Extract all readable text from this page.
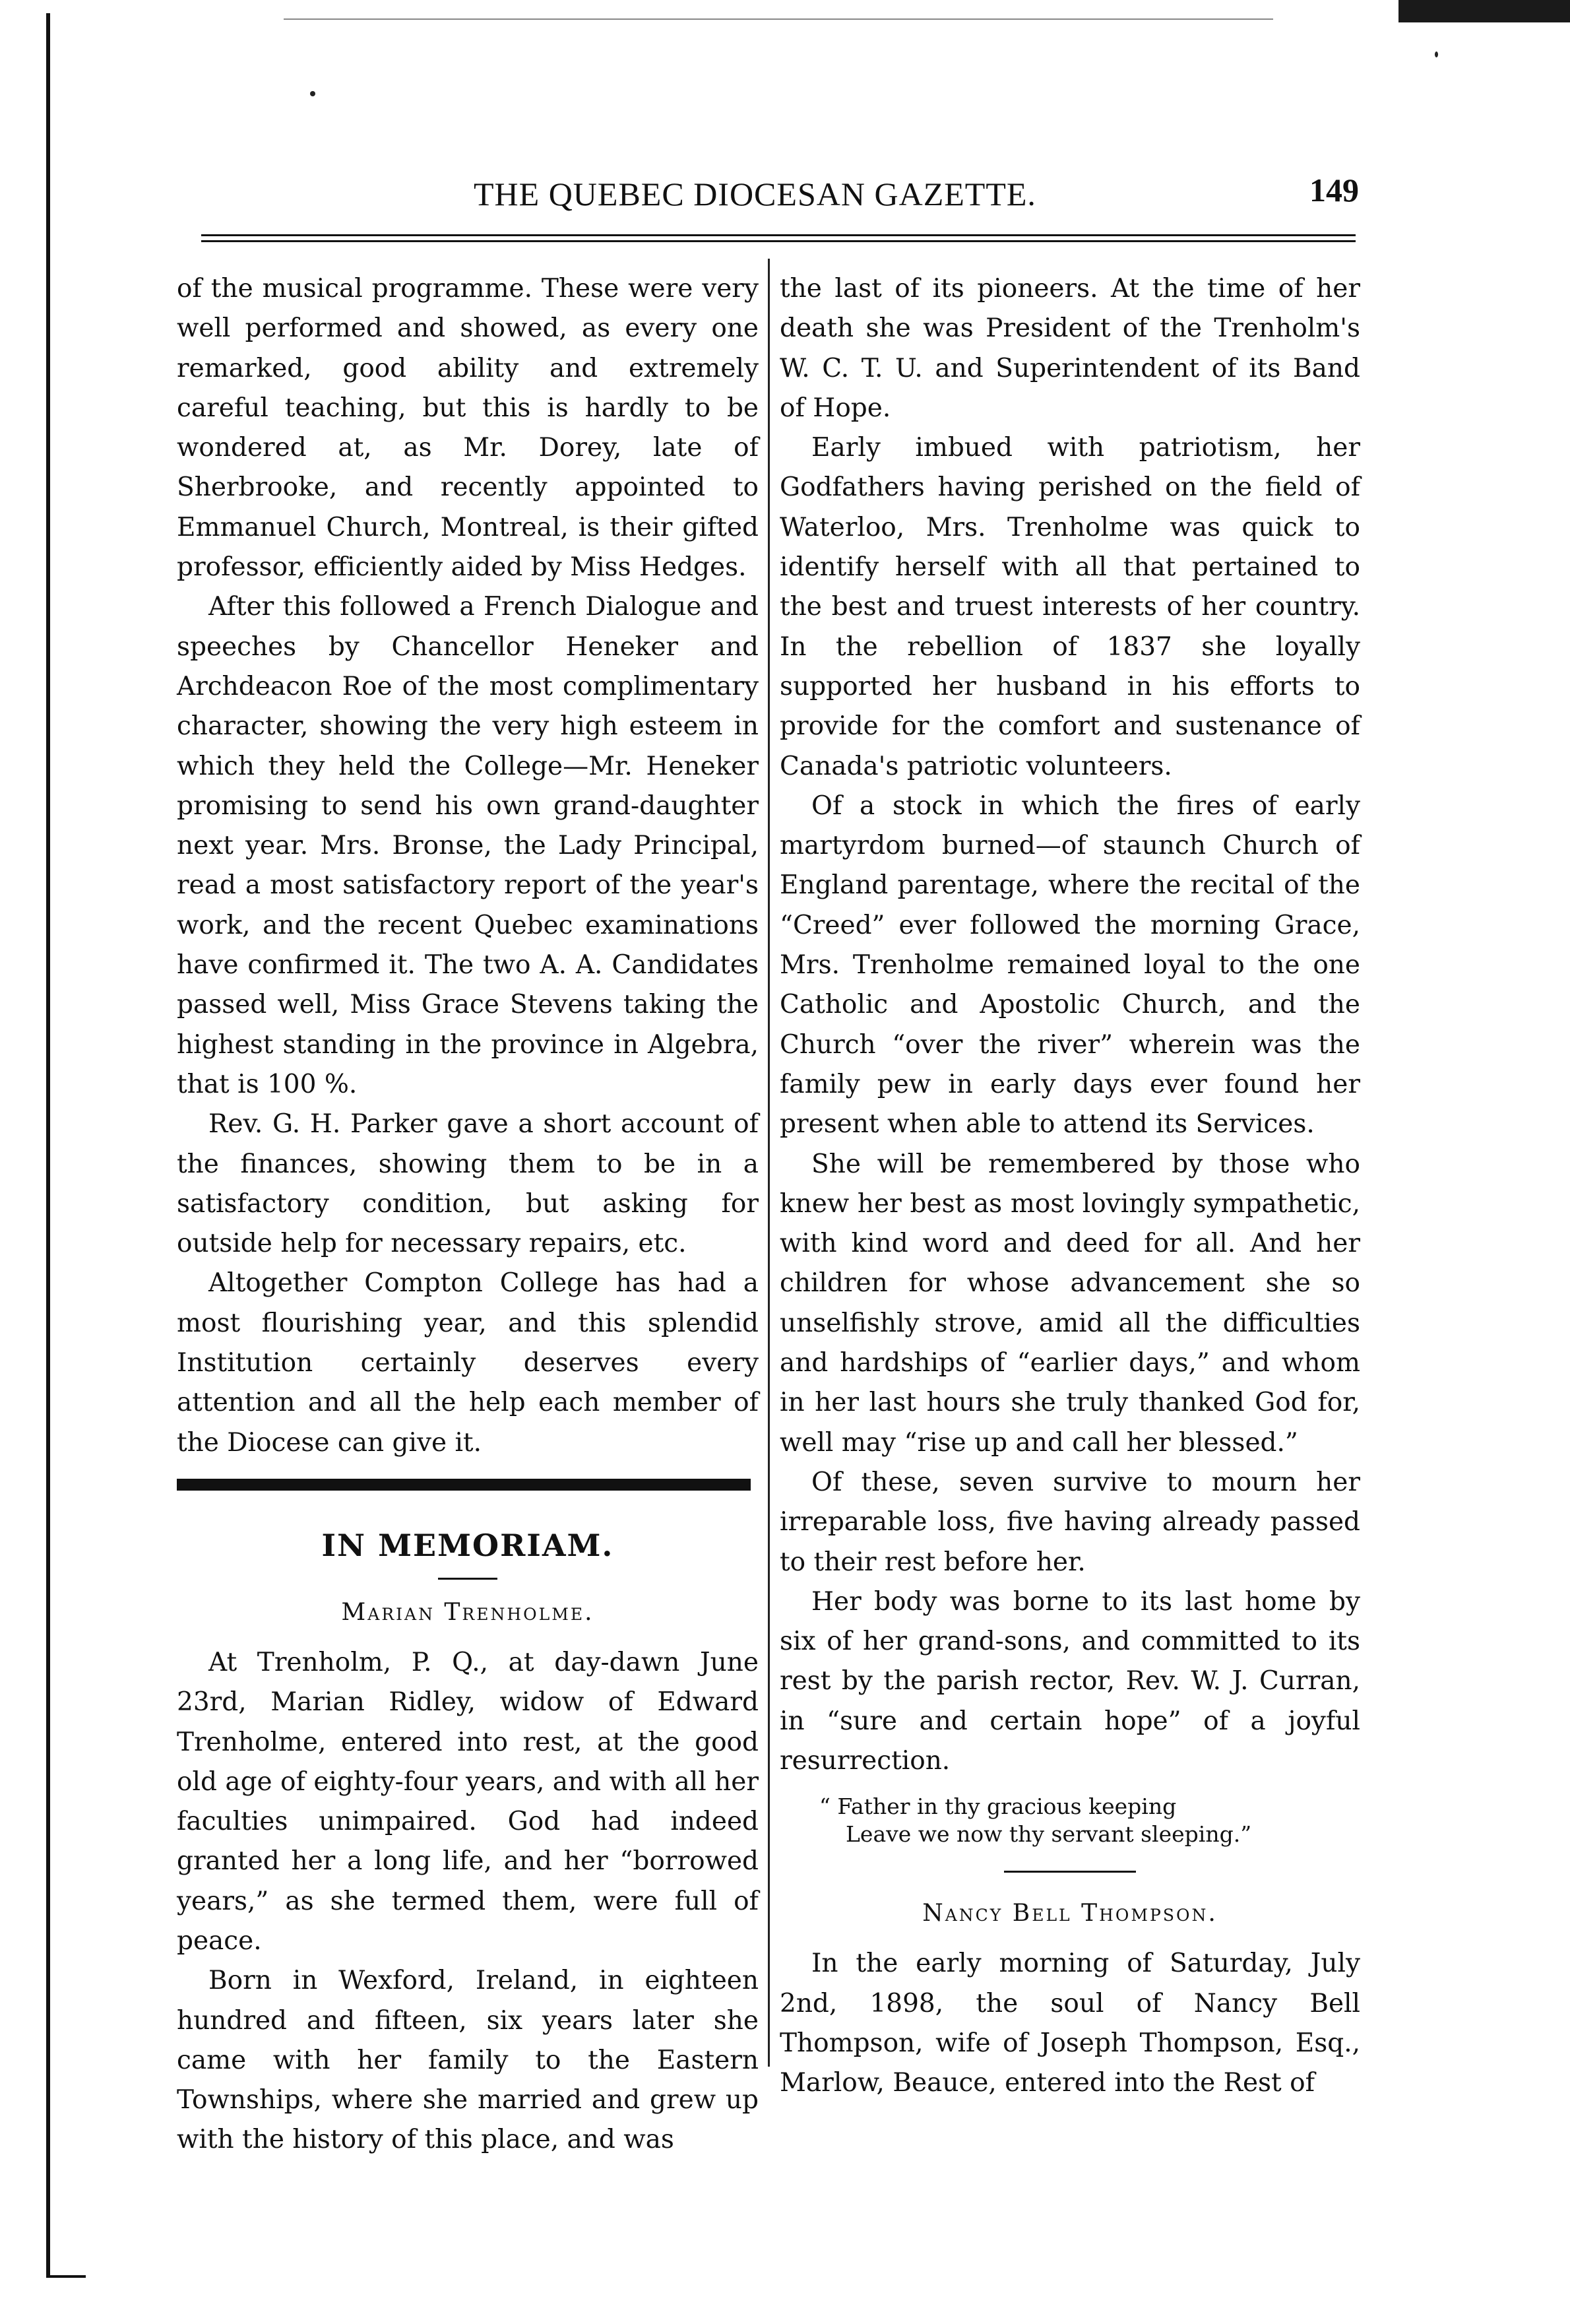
THE QUEBEC DIOCESAN GAZETTE.	149

of the musical programme. These were very well performed and showed, as every one remarked, good ability and extremely careful teaching, but this is hardly to be wondered at, as Mr. Dorey, late of Sherbrooke, and recently appointed to Emmanuel Church, Montreal, is their gifted professor, efficiently aided by Miss Hedges.

After this followed a French Dialogue and speeches by Chancellor Heneker and Archdeacon Roe of the most complimentary character, showing the very high esteem in which they held the College—Mr. Heneker promising to send his own grand-daughter next year. Mrs. Bronse, the Lady Principal, read a most satisfactory report of the year's work, and the recent Quebec examinations have confirmed it. The two A. A. Candidates passed well, Miss Grace Stevens taking the highest standing in the province in Algebra, that is 100 %.

Rev. G. H. Parker gave a short account of the finances, showing them to be in a satisfactory condition, but asking for outside help for necessary repairs, etc.

Altogether Compton College has had a most flourishing year, and this splendid Institution certainly deserves every attention and all the help each member of the Diocese can give it.

IN MEMORIAM.
Marian Trenholme.

At Trenholm, P. Q., at day-dawn June 23rd, Marian Ridley, widow of Edward Trenholme, entered into rest, at the good old age of eighty-four years, and with all her faculties unimpaired. God had indeed granted her a long life, and her “borrowed years,” as she termed them, were full of peace.

Born in Wexford, Ireland, in eighteen hundred and fifteen, six years later she came with her family to the Eastern Townships, where she married and grew up with the history of this place, and was

the last of its pioneers. At the time of her death she was President of the Trenholm's W. C. T. U. and Superintendent of its Band of Hope.

Early imbued with patriotism, her Godfathers having perished on the field of Waterloo, Mrs. Trenholme was quick to identify herself with all that pertained to the best and truest interests of her country. In the rebellion of 1837 she loyally supported her husband in his efforts to provide for the comfort and sustenance of Canada's patriotic volunteers.

Of a stock in which the fires of early martyrdom burned—of staunch Church of England parentage, where the recital of the “Creed” ever followed the morning Grace, Mrs. Trenholme remained loyal to the one Catholic and Apostolic Church, and the Church “over the river” wherein was the family pew in early days ever found her present when able to attend its Services.

She will be remembered by those who knew her best as most lovingly sympathetic, with kind word and deed for all. And her children for whose advancement she so unselfishly strove, amid all the difficulties and hardships of “earlier days,” and whom in her last hours she truly thanked God for, well may “rise up and call her blessed.”

Of these, seven survive to mourn her irreparable loss, five having already passed to their rest before her.

Her body was borne to its last home by six of her grand-sons, and committed to its rest by the parish rector, Rev. W. J. Curran, in “sure and certain hope” of a joyful resurrection.

“ Father in thy gracious keeping
Leave we now thy servant sleeping.”
Nancy Bell Thompson.

In the early morning of Saturday, July 2nd, 1898, the soul of Nancy Bell Thompson, wife of Joseph Thompson, Esq., Marlow, Beauce, entered into the Rest of
